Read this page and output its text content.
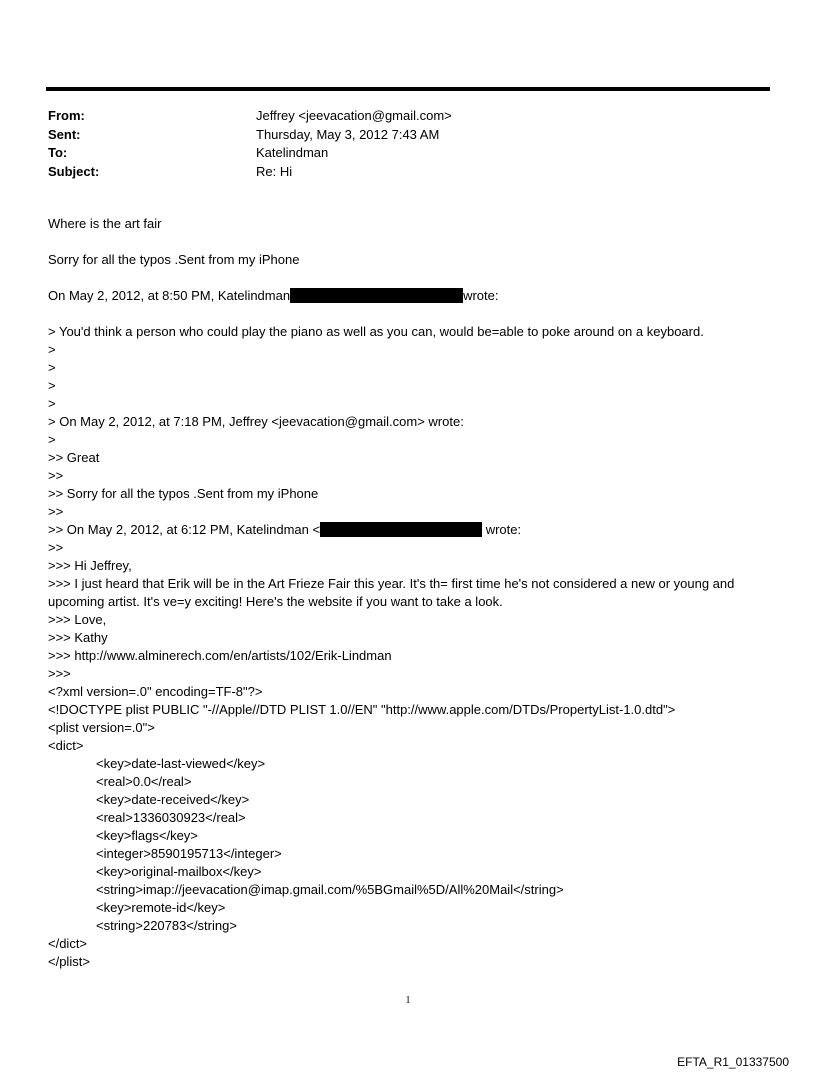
From:	Jeffrey <jeevacation@gmail.com>
Sent:	Thursday, May 3, 2012 7:43 AM
To:	Katelindman
Subject:	Re: Hi
Where is the art fair
Sorry for all the typos .Sent from my iPhone
On May 2, 2012, at 8:50 PM, Katelindman	wrote:
> You'd think a person who could play the piano as well as you can, would be=able to poke around on a keyboard.
>
>
>
>
> On May 2, 2012, at 7:18 PM, Jeffrey <jeevacation@gmail.com> wrote:
>
>> Great
>>
>> Sorry for all the typos .Sent from my iPhone
>>
>> On May 2, 2012, at 6:12 PM, Katelindman <	wrote:
>>
>>> Hi Jeffrey,
>>> I just heard that Erik will be in the Art Frieze Fair this year. It's th= first time he's not considered a new or young and upcoming artist. It's ve=y exciting! Here's the website if you want to take a look.
>>> Love,
>>> Kathy
>>> http://www.alminerech.com/en/artists/102/Erik-Lindman
>>>
<?xml version=.0" encoding=TF-8"?>
<!DOCTYPE plist PUBLIC "-//Apple//DTD PLIST 1.0//EN" "http://www.apple.com/DTDs/PropertyList-1.0.dtd">
<plist version=.0">
<dict>
<key>date-last-viewed</key>
<real>0.0</real>
<key>date-received</key>
<real>1336030923</real>
<key>flags</key>
<integer>8590195713</integer>
<key>original-mailbox</key>
<string>imap://jeevacation@imap.gmail.com/%5BGmail%5D/All%20Mail</string>
<key>remote-id</key>
<string>220783</string>
</dict>
</plist>
1
EFTA_R1_01337500
